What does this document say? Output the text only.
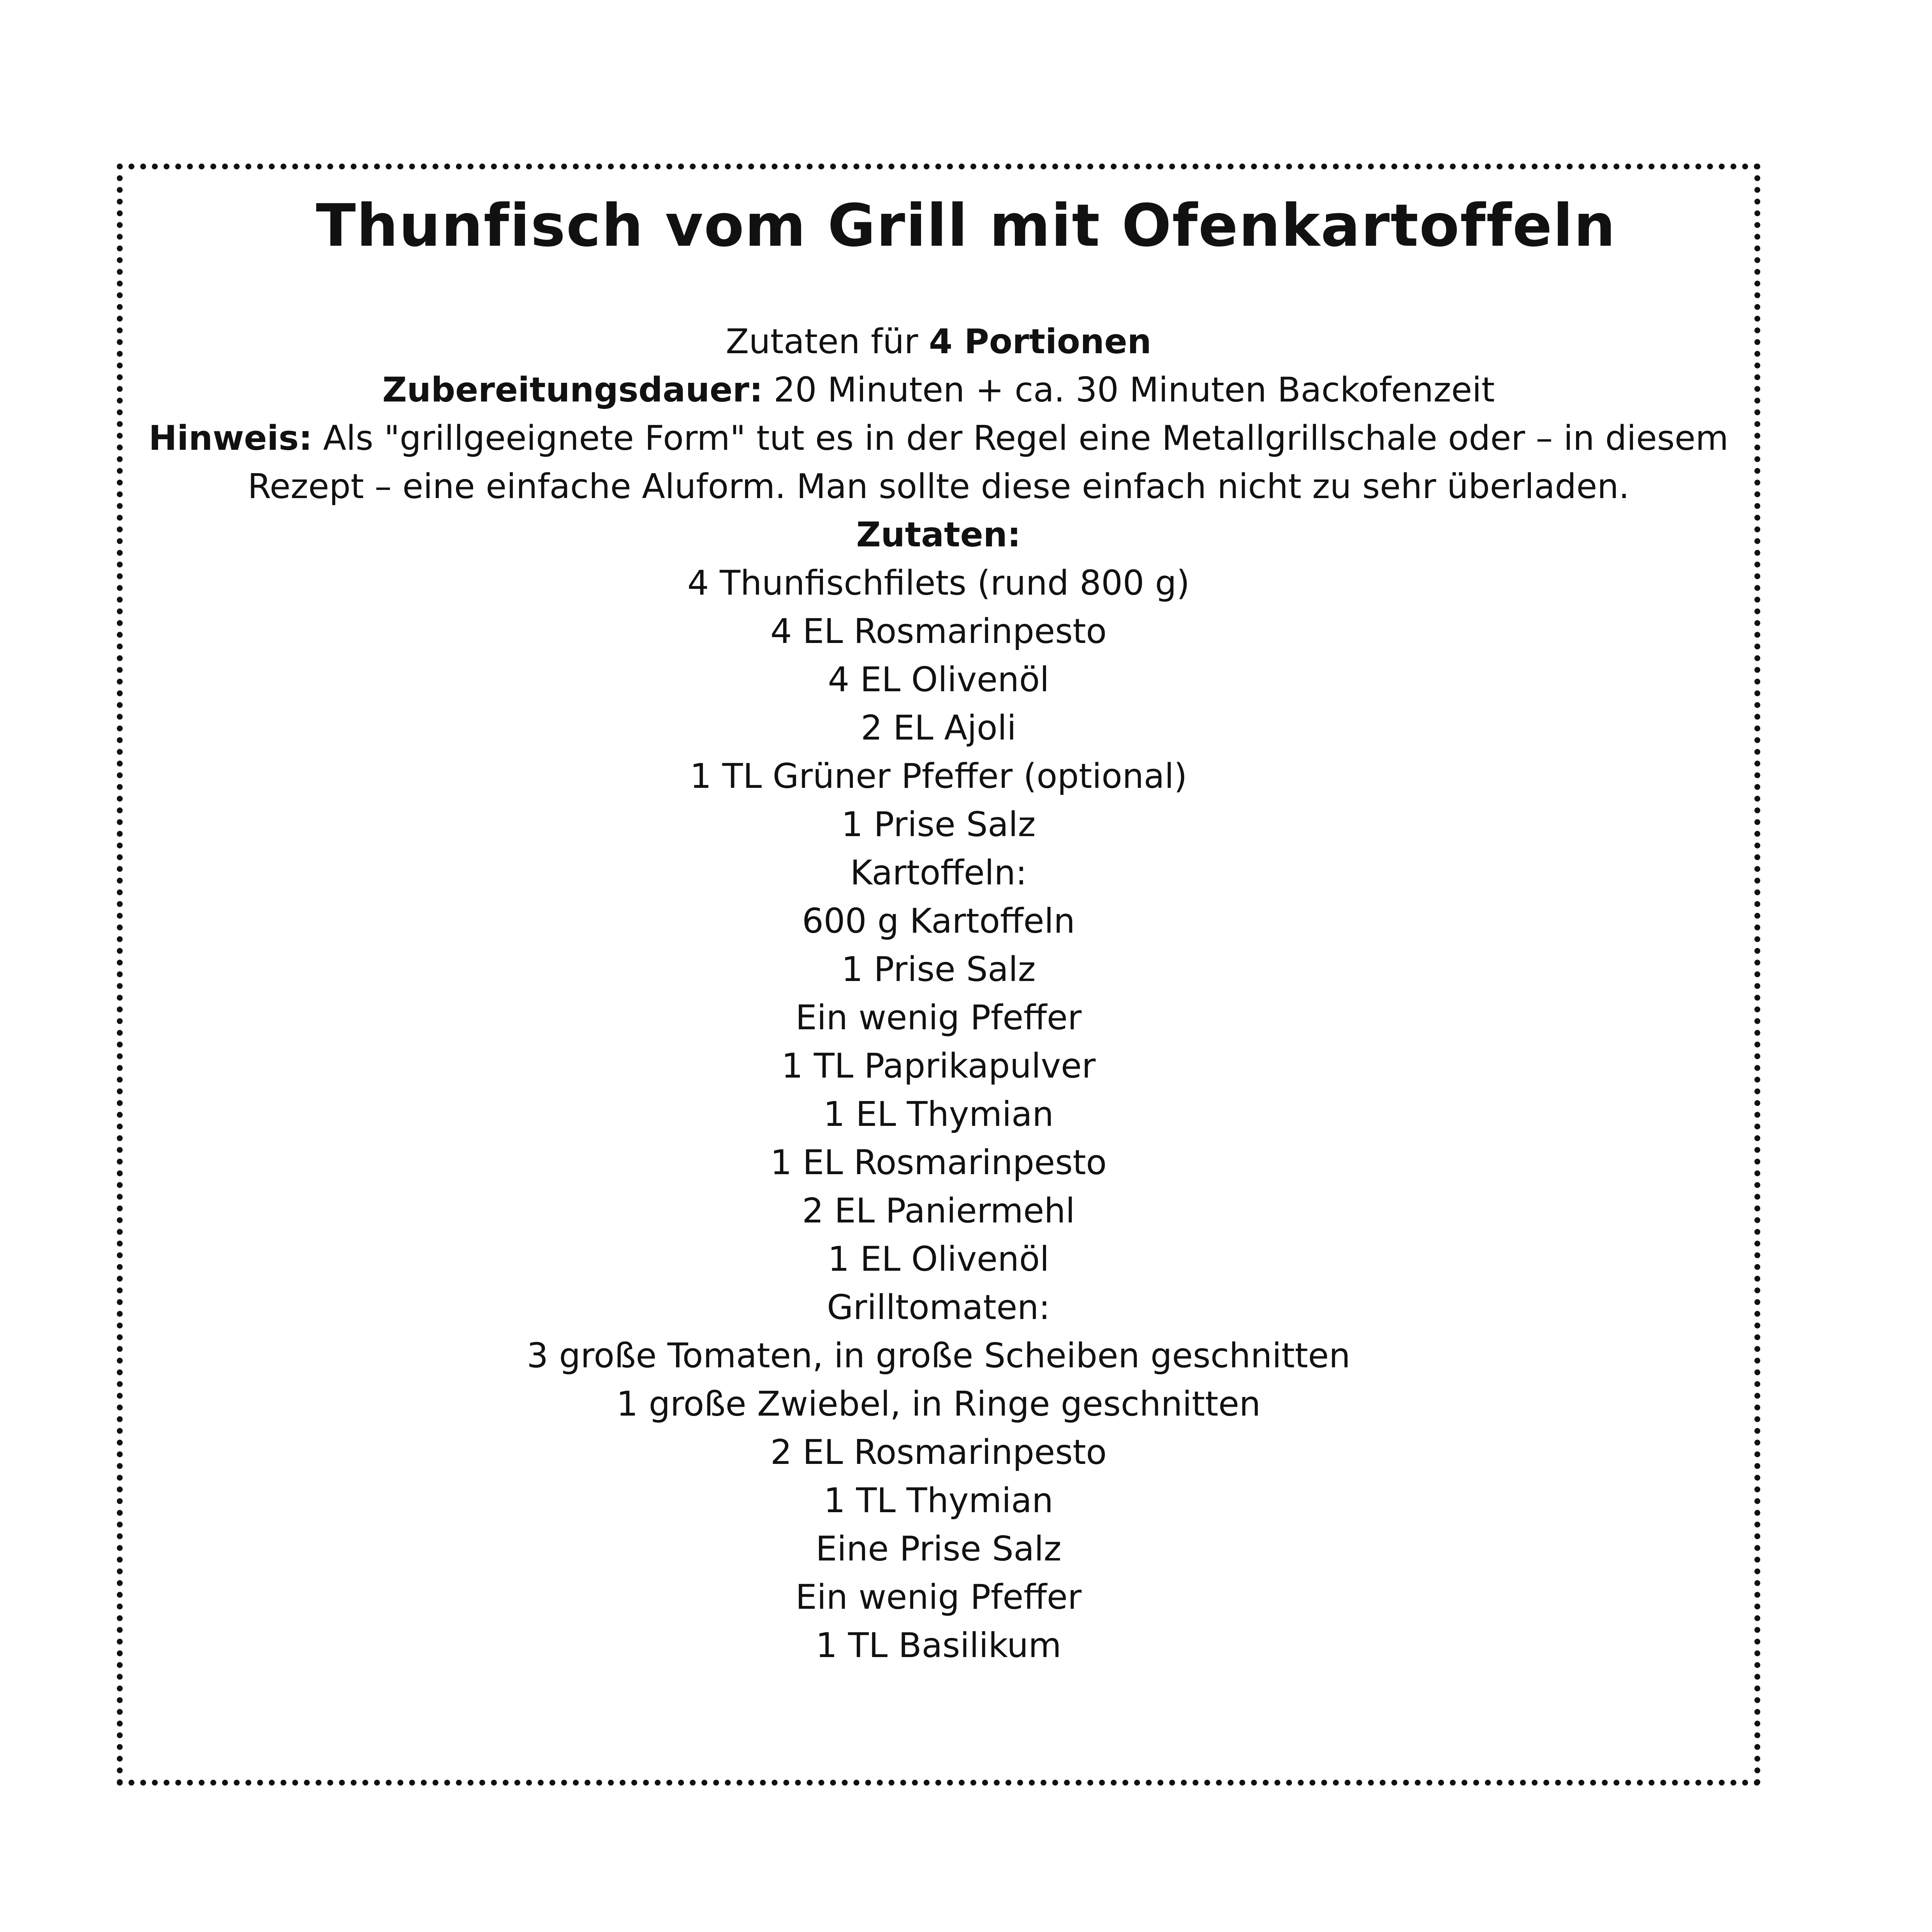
Thunfisch vom Grill mit Ofenkartoffeln
Zutaten für 4 Portionen
Zubereitungsdauer: 20 Minuten + ca. 30 Minuten Backofenzeit
Hinweis: Als "grillgeeignete Form" tut es in der Regel eine Metallgrillschale oder – in diesem Rezept – eine einfache Aluform. Man sollte diese einfach nicht zu sehr überladen.
Zutaten:
4 Thunfischfilets (rund 800 g)
4 EL Rosmarinpesto
4 EL Olivenöl
2 EL Ajoli
1 TL Grüner Pfeffer (optional)
1 Prise Salz
Kartoffeln:
600 g Kartoffeln
1 Prise Salz
Ein wenig Pfeffer
1 TL Paprikapulver
1 EL Thymian
1 EL Rosmarinpesto
2 EL Paniermehl
1 EL Olivenöl
Grilltomaten:
3 große Tomaten, in große Scheiben geschnitten
1 große Zwiebel, in Ringe geschnitten
2 EL Rosmarinpesto
1 TL Thymian
Eine Prise Salz
Ein wenig Pfeffer
1 TL Basilikum
